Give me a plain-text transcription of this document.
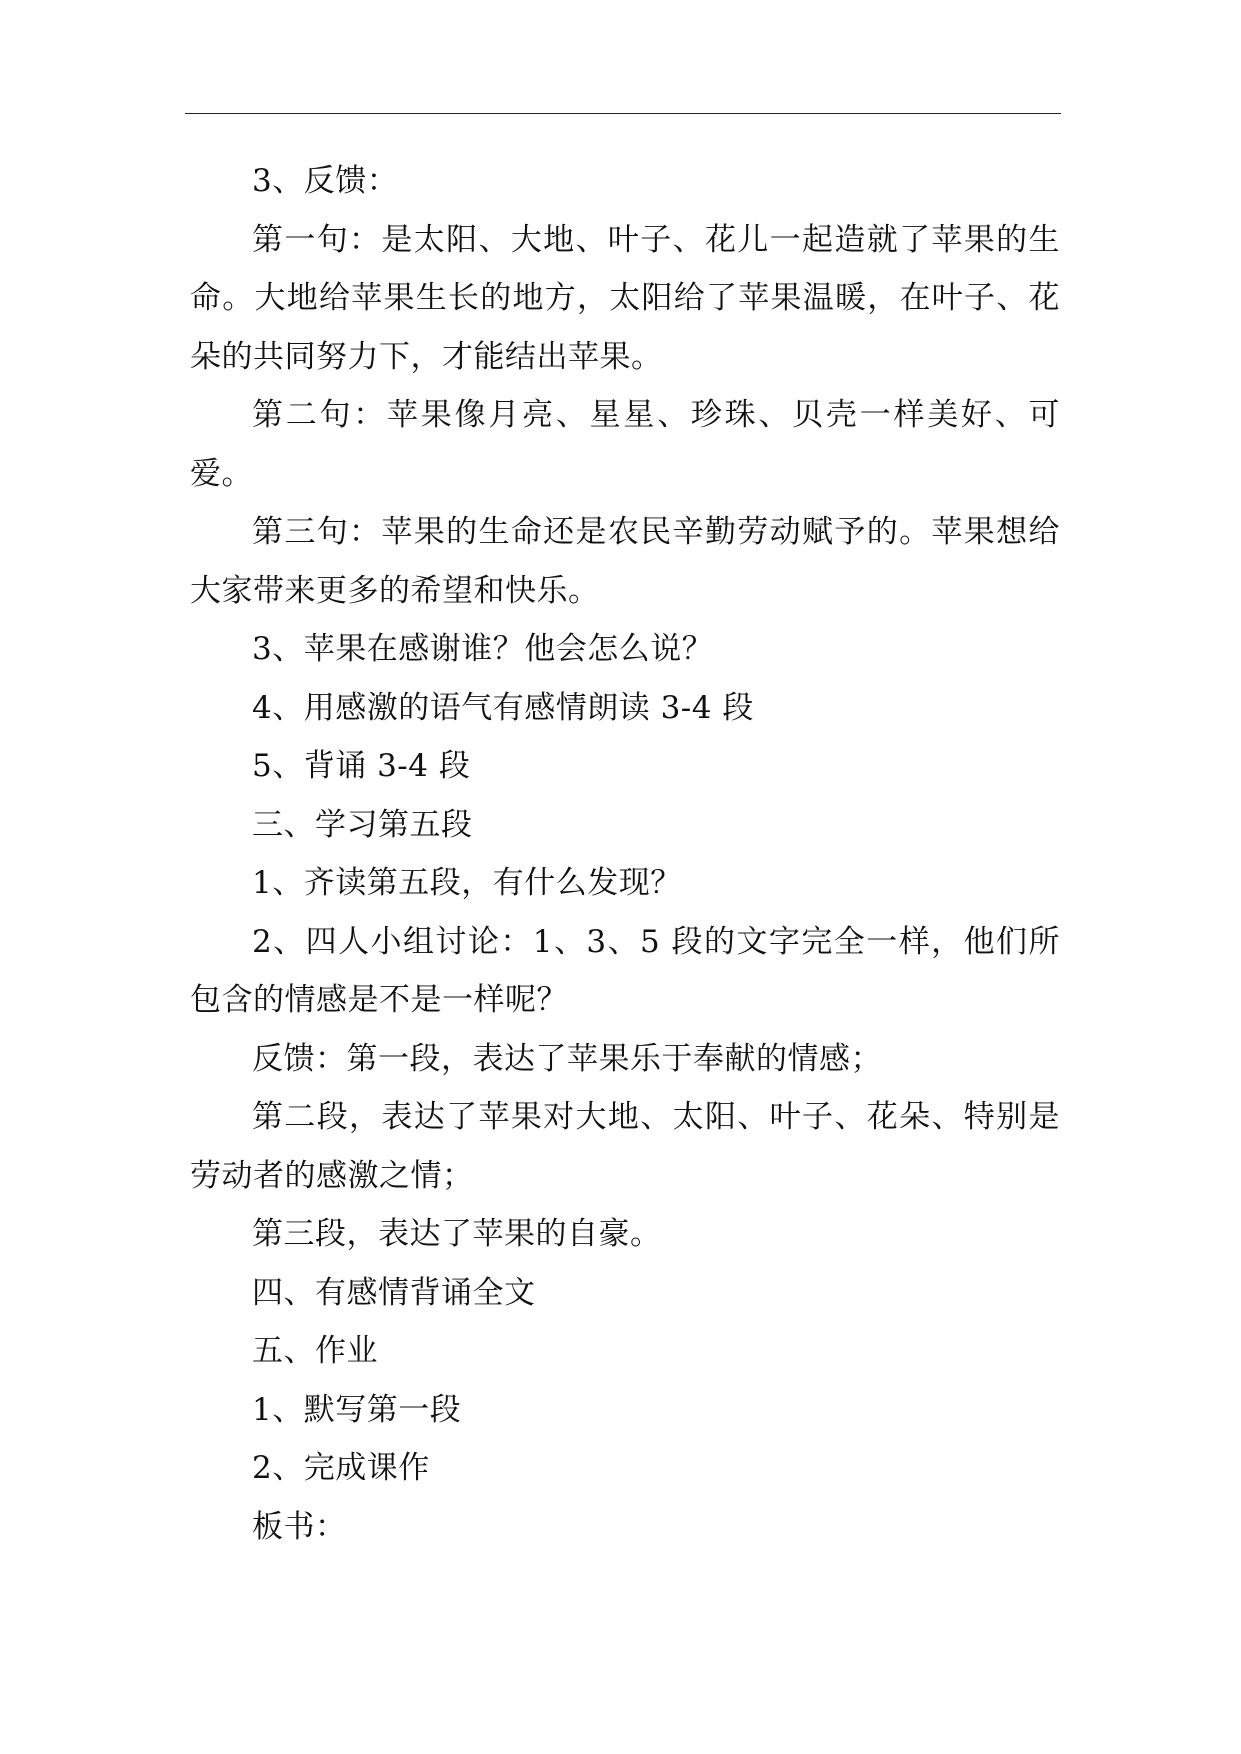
3、反馈：

第一句：是太阳、大地、叶子、花儿一起造就了苹果的生命。大地给苹果生长的地方，太阳给了苹果温暖，在叶子、花朵的共同努力下，才能结出苹果。

第二句：苹果像月亮、星星、珍珠、贝壳一样美好、可爱。

第三句：苹果的生命还是农民辛勤劳动赋予的。苹果想给大家带来更多的希望和快乐。

3、苹果在感谢谁？他会怎么说？

4、用感激的语气有感情朗读 3-4 段

5、背诵 3-4 段

三、学习第五段

1、齐读第五段，有什么发现？

2、四人小组讨论：1、3、5 段的文字完全一样，他们所包含的情感是不是一样呢？

反馈：第一段，表达了苹果乐于奉献的情感；

第二段，表达了苹果对大地、太阳、叶子、花朵、特别是劳动者的感激之情；

第三段，表达了苹果的自豪。

四、有感情背诵全文

五、作业

1、默写第一段

2、完成课作

板书：
